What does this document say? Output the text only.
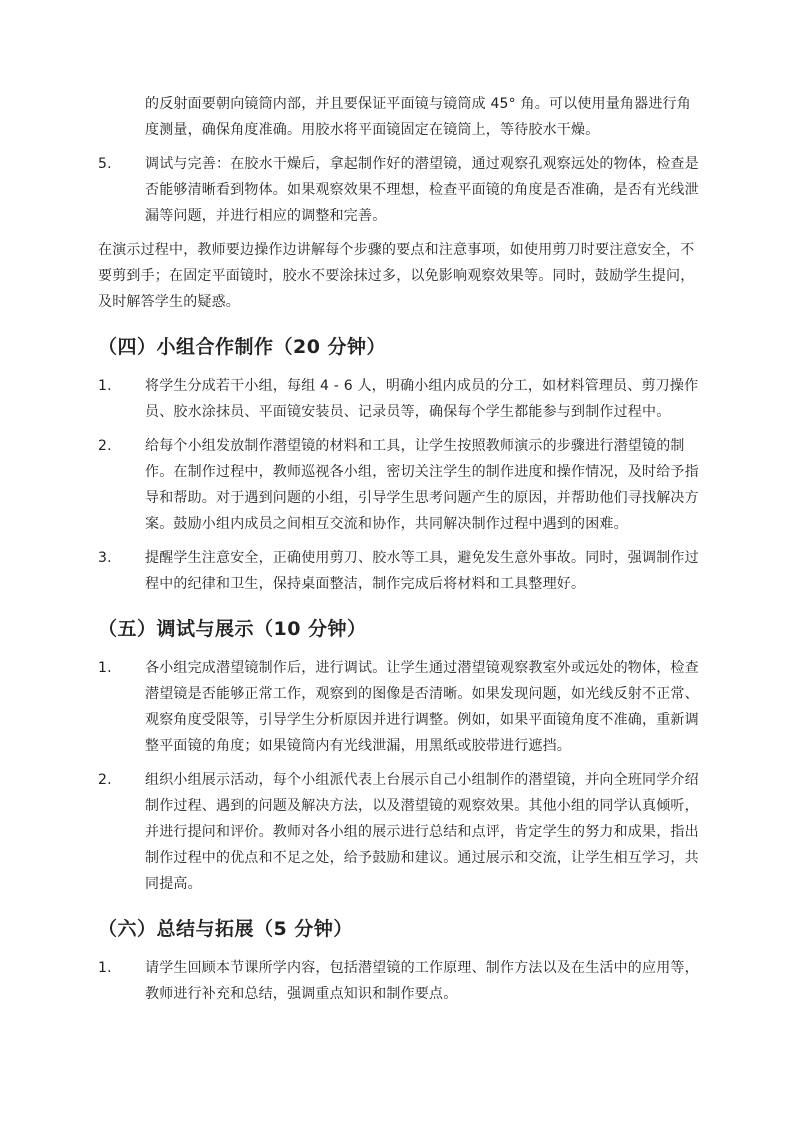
的反射面要朝向镜筒内部，并且要保证平面镜与镜筒成 45° 角。可以使用量角器进行角度测量，确保角度准确。用胶水将平面镜固定在镜筒上，等待胶水干燥。
5. 调试与完善：在胶水干燥后，拿起制作好的潜望镜，通过观察孔观察远处的物体，检查是否能够清晰看到物体。如果观察效果不理想，检查平面镜的角度是否准确，是否有光线泄漏等问题，并进行相应的调整和完善。
在演示过程中，教师要边操作边讲解每个步骤的要点和注意事项，如使用剪刀时要注意安全，不要剪到手；在固定平面镜时，胶水不要涂抹过多，以免影响观察效果等。同时，鼓励学生提问，及时解答学生的疑惑。
（四）小组合作制作（20 分钟）
1. 将学生分成若干小组，每组 4 - 6 人，明确小组内成员的分工，如材料管理员、剪刀操作员、胶水涂抹员、平面镜安装员、记录员等，确保每个学生都能参与到制作过程中。
2. 给每个小组发放制作潜望镜的材料和工具，让学生按照教师演示的步骤进行潜望镜的制作。在制作过程中，教师巡视各小组，密切关注学生的制作进度和操作情况，及时给予指导和帮助。对于遇到问题的小组，引导学生思考问题产生的原因，并帮助他们寻找解决方案。鼓励小组内成员之间相互交流和协作，共同解决制作过程中遇到的困难。
3. 提醒学生注意安全，正确使用剪刀、胶水等工具，避免发生意外事故。同时，强调制作过程中的纪律和卫生，保持桌面整洁，制作完成后将材料和工具整理好。
（五）调试与展示（10 分钟）
1. 各小组完成潜望镜制作后，进行调试。让学生通过潜望镜观察教室外或远处的物体，检查潜望镜是否能够正常工作，观察到的图像是否清晰。如果发现问题，如光线反射不正常、观察角度受限等，引导学生分析原因并进行调整。例如，如果平面镜角度不准确，重新调整平面镜的角度；如果镜筒内有光线泄漏，用黑纸或胶带进行遮挡。
2. 组织小组展示活动，每个小组派代表上台展示自己小组制作的潜望镜，并向全班同学介绍制作过程、遇到的问题及解决方法，以及潜望镜的观察效果。其他小组的同学认真倾听，并进行提问和评价。教师对各小组的展示进行总结和点评，肯定学生的努力和成果，指出制作过程中的优点和不足之处，给予鼓励和建议。通过展示和交流，让学生相互学习，共同提高。
（六）总结与拓展（5 分钟）
1. 请学生回顾本节课所学内容，包括潜望镜的工作原理、制作方法以及在生活中的应用等，教师进行补充和总结，强调重点知识和制作要点。
